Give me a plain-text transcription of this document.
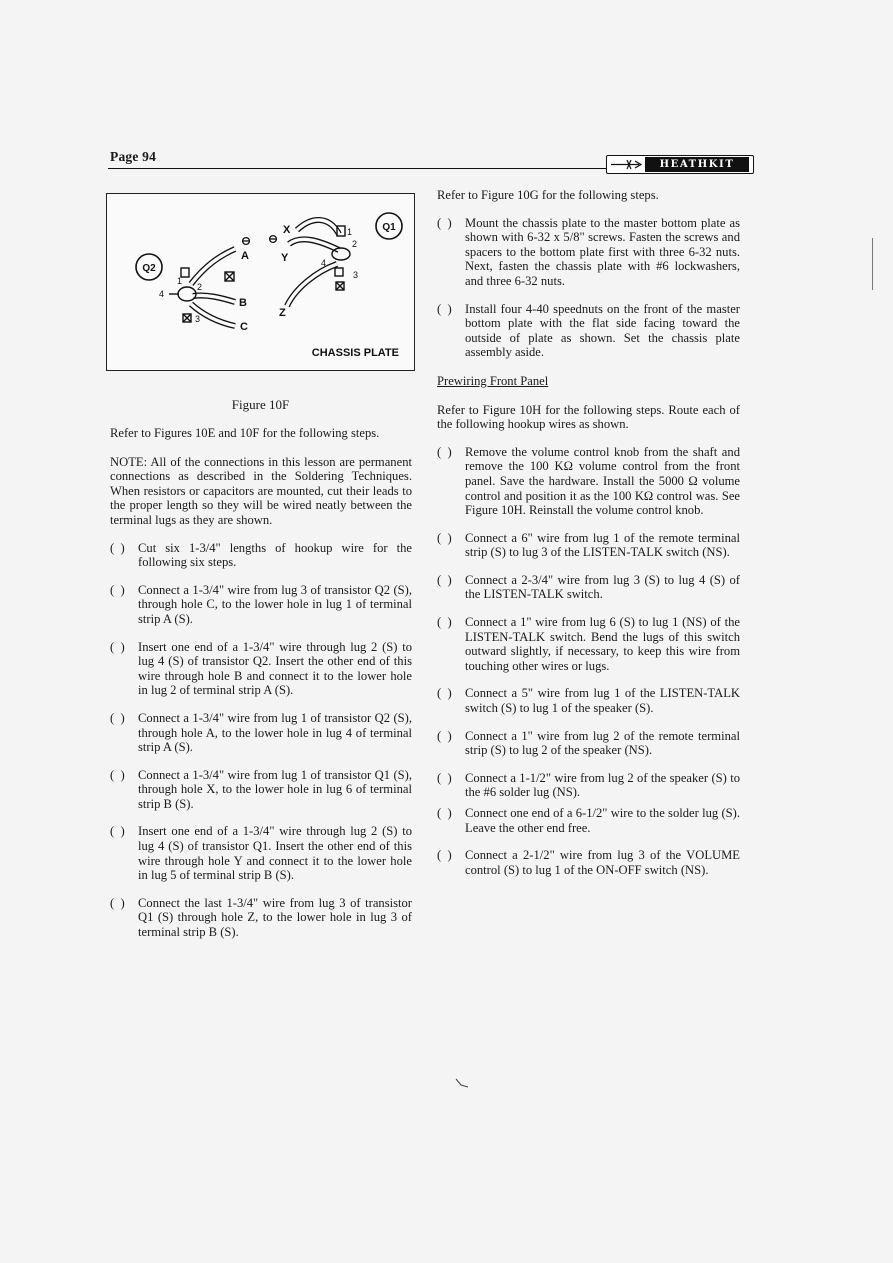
Page 94
HEATHKIT
Q1
Q2
X
Y
Z
A
B
C
1
2
4
3
1
2
4
3
CHASSIS PLATE
Figure 10F

Refer to Figures 10E and 10F for the following steps.

NOTE: All of the connections in this lesson are permanent connections as described in the Soldering Techniques. When resistors or capacitors are mounted, cut their leads to the proper length so they will be wired neatly between the terminal lugs as they are shown.

(  ) Cut six 1-3/4" lengths of hookup wire for the following six steps.
(  ) Connect a 1-3/4" wire from lug 3 of transistor Q2 (S), through hole C, to the lower hole in lug 1 of terminal strip A (S).
(  ) Insert one end of a 1-3/4" wire through lug 2 (S) to lug 4 (S) of transistor Q2. Insert the other end of this wire through hole B and connect it to the lower hole in lug 2 of terminal strip A (S).
(  ) Connect a 1-3/4" wire from lug 1 of transistor Q2 (S), through hole A, to the lower hole in lug 4 of terminal strip A (S).
(  ) Connect a 1-3/4" wire from lug 1 of transistor Q1 (S), through hole X, to the lower hole in lug 6 of terminal strip B (S).
(  ) Insert one end of a 1-3/4" wire through lug 2 (S) to lug 4 (S) of transistor Q1. Insert the other end of this wire through hole Y and connect it to the lower hole in lug 5 of terminal strip B (S).
(  ) Connect the last 1-3/4" wire from lug 3 of transistor Q1 (S) through hole Z, to the lower hole in lug 3 of terminal strip B (S).

Refer to Figure 10G for the following steps.

(  ) Mount the chassis plate to the master bottom plate as shown with 6-32 x 5/8" screws. Fasten the screws and spacers to the bottom plate first with three 6-32 nuts. Next, fasten the chassis plate with #6 lockwashers, and three 6-32 nuts.
(  ) Install four 4-40 speednuts on the front of the master bottom plate with the flat side facing toward the outside of plate as shown. Set the chassis plate assembly aside.

Prewiring Front Panel

Refer to Figure 10H for the following steps. Route each of the following hookup wires as shown.

(  ) Remove the volume control knob from the shaft and remove the 100 KΩ volume control from the front panel. Save the hardware. Install the 5000 Ω volume control and position it as the 100 KΩ control was. See Figure 10H. Reinstall the volume control knob.
(  ) Connect a 6" wire from lug 1 of the remote terminal strip (S) to lug 3 of the LISTEN-TALK switch (NS).
(  ) Connect a 2-3/4" wire from lug 3 (S) to lug 4 (S) of the LISTEN-TALK switch.
(  ) Connect a 1" wire from lug 6 (S) to lug 1 (NS) of the LISTEN-TALK switch. Bend the lugs of this switch outward slightly, if necessary, to keep this wire from touching other wires or lugs.
(  ) Connect a 5" wire from lug 1 of the LISTEN-TALK switch (S) to lug 1 of the speaker (S).
(  ) Connect a 1" wire from lug 2 of the remote terminal strip (S) to lug 2 of the speaker (NS).
(  ) Connect a 1-1/2" wire from lug 2 of the speaker (S) to the #6 solder lug (NS).
(  ) Connect one end of a 6-1/2" wire to the solder lug (S). Leave the other end free.
(  ) Connect a 2-1/2" wire from lug 3 of the VOLUME control (S) to lug 1 of the ON-OFF switch (NS).
